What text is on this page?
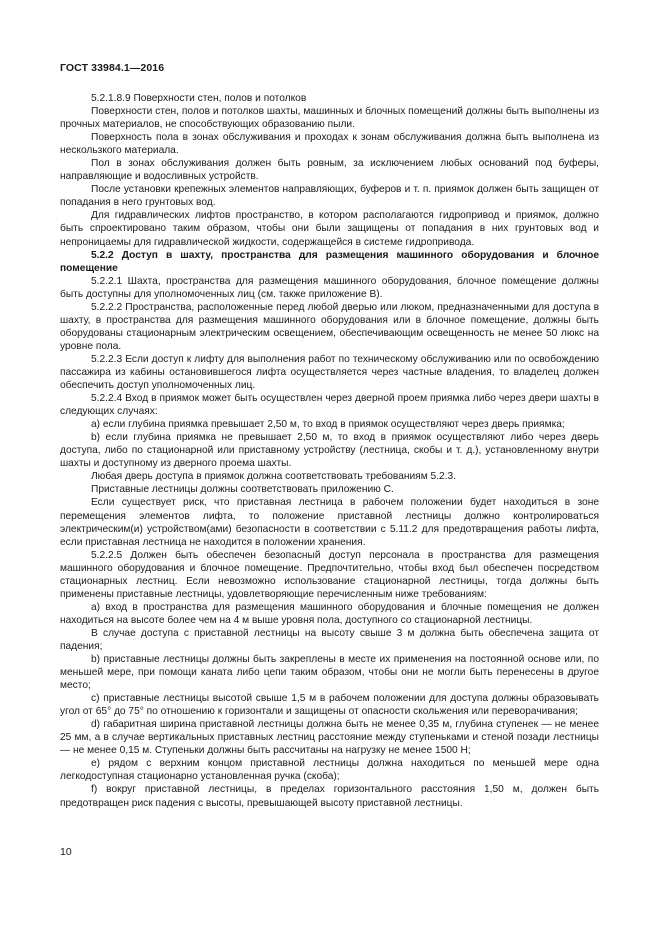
ГОСТ 33984.1—2016

5.2.1.8.9 Поверхности стен, полов и потолков

Поверхности стен, полов и потолков шахты, машинных и блочных помещений должны быть выполнены из прочных материалов, не способствующих образованию пыли.

Поверхность пола в зонах обслуживания и проходах к зонам обслуживания должна быть выполнена из нескользкого материала.

Пол в зонах обслуживания должен быть ровным, за исключением любых оснований под буферы, направляющие и водосливных устройств.

После установки крепежных элементов направляющих, буферов и т. п. приямок должен быть защищен от попадания в него грунтовых вод.

Для гидравлических лифтов пространство, в котором располагаются гидропривод и приямок, должно быть спроектировано таким образом, чтобы они были защищены от попадания в них грунтовых вод и непроницаемы для гидравлической жидкости, содержащейся в системе гидропривода.

5.2.2 Доступ в шахту, пространства для размещения машинного оборудования и блочное помещение

5.2.2.1 Шахта, пространства для размещения машинного оборудования, блочное помещение должны быть доступны для уполномоченных лиц (см. также приложение В).

5.2.2.2 Пространства, расположенные перед любой дверью или люком, предназначенными для доступа в шахту, в пространства для размещения машинного оборудования или в блочное помещение, должны быть оборудованы стационарным электрическим освещением, обеспечивающим освещенность не менее 50 люкс на уровне пола.

5.2.2.3 Если доступ к лифту для выполнения работ по техническому обслуживанию или по освобождению пассажира из кабины остановившегося лифта осуществляется через частные владения, то владелец должен обеспечить доступ уполномоченных лиц.

5.2.2.4 Вход в приямок может быть осуществлен через дверной проем приямка либо через двери шахты в следующих случаях:

а) если глубина приямка превышает 2,50 м, то вход в приямок осуществляют через дверь приямка;

b) если глубина приямка не превышает 2,50 м, то вход в приямок осуществляют либо через дверь доступа, либо по стационарной или приставному устройству (лестница, скобы и т. д.), установленному внутри шахты и доступному из дверного проема шахты.

Любая дверь доступа в приямок должна соответствовать требованиям 5.2.3.

Приставные лестницы должны соответствовать приложению С.

Если существует риск, что приставная лестница в рабочем положении будет находиться в зоне перемещения элементов лифта, то положение приставной лестницы должно контролироваться электрическим(и) устройством(ами) безопасности в соответствии с 5.11.2 для предотвращения работы лифта, если приставная лестница не находится в положении хранения.

5.2.2.5 Должен быть обеспечен безопасный доступ персонала в пространства для размещения машинного оборудования и блочное помещение. Предпочтительно, чтобы вход был обеспечен посредством стационарных лестниц. Если невозможно использование стационарной лестницы, тогда должны быть применены приставные лестницы, удовлетворяющие перечисленным ниже требованиям:

а) вход в пространства для размещения машинного оборудования и блочные помещения не должен находиться на высоте более чем на 4 м выше уровня пола, доступного со стационарной лестницы.

В случае доступа с приставной лестницы на высоту свыше 3 м должна быть обеспечена защита от падения;

b) приставные лестницы должны быть закреплены в месте их применения на постоянной основе или, по меньшей мере, при помощи каната либо цепи таким образом, чтобы они не могли быть перенесены в другое место;

c) приставные лестницы высотой свыше 1,5 м в рабочем положении для доступа должны образовывать угол от 65° до 75° по отношению к горизонтали и защищены от опасности скольжения или переворачивания;

d) габаритная ширина приставной лестницы должна быть не менее 0,35 м, глубина ступенек — не менее 25 мм, а в случае вертикальных приставных лестниц расстояние между ступеньками и стеной позади лестницы — не менее 0,15 м. Ступеньки должны быть рассчитаны на нагрузку не менее 1500 Н;

е) рядом с верхним концом приставной лестницы должна находиться по меньшей мере одна легкодоступная стационарно установленная ручка (скоба);

f) вокруг приставной лестницы, в пределах горизонтального расстояния 1,50 м, должен быть предотвращен риск падения с высоты, превышающей высоту приставной лестницы.

10
